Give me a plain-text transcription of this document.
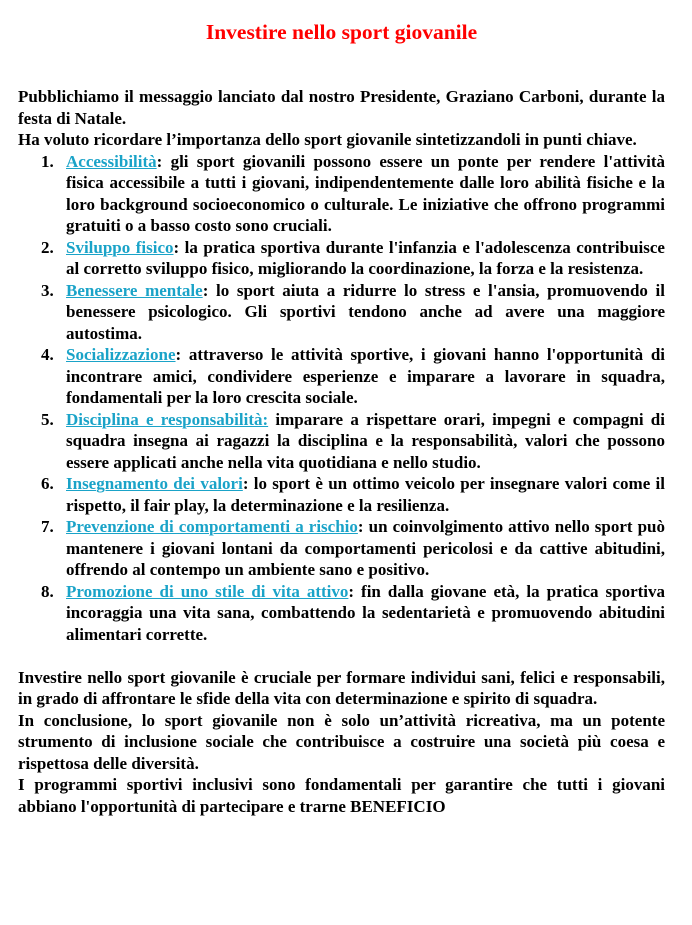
Investire nello sport giovanile

Pubblichiamo il messaggio lanciato dal nostro Presidente, Graziano Carboni, durante la festa di Natale.

Ha voluto ricordare l’importanza dello sport giovanile sintetizzandoli in punti chiave.

1. Accessibilità: gli sport giovanili possono essere un ponte per rendere l'attività fisica accessibile a tutti i giovani, indipendentemente dalle loro abilità fisiche e la loro background socioeconomico o culturale. Le iniziative che offrono programmi gratuiti o a basso costo sono cruciali.
2. Sviluppo fisico: la pratica sportiva durante l'infanzia e l'adolescenza contribuisce al corretto sviluppo fisico, migliorando la coordinazione, la forza e la resistenza.
3. Benessere mentale: lo sport aiuta a ridurre lo stress e l'ansia, promuovendo il benessere psicologico. Gli sportivi tendono anche ad avere una maggiore autostima.
4. Socializzazione: attraverso le attività sportive, i giovani hanno l'opportunità di incontrare amici, condividere esperienze e imparare a lavorare in squadra, fondamentali per la loro crescita sociale.
5. Disciplina e responsabilità: imparare a rispettare orari, impegni e compagni di squadra insegna ai ragazzi la disciplina e la responsabilità, valori che possono essere applicati anche nella vita quotidiana e nello studio.
6. Insegnamento dei valori: lo sport è un ottimo veicolo per insegnare valori come il rispetto, il fair play, la determinazione e la resilienza.
7. Prevenzione di comportamenti a rischio: un coinvolgimento attivo nello sport può mantenere i giovani lontani da comportamenti pericolosi e da cattive abitudini, offrendo al contempo un ambiente sano e positivo.
8. Promozione di uno stile di vita attivo: fin dalla giovane età, la pratica sportiva incoraggia una vita sana, combattendo la sedentarietà e promuovendo abitudini alimentari corrette.

Investire nello sport giovanile è cruciale per formare individui sani, felici e responsabili, in grado di affrontare le sfide della vita con determinazione e spirito di squadra.

In conclusione, lo sport giovanile non è solo un’attività ricreativa, ma un potente strumento di inclusione sociale che contribuisce a costruire una società più coesa e rispettosa delle diversità.

I programmi sportivi inclusivi sono fondamentali per garantire che tutti i giovani abbiano l'opportunità di partecipare e trarne BENEFICIO
